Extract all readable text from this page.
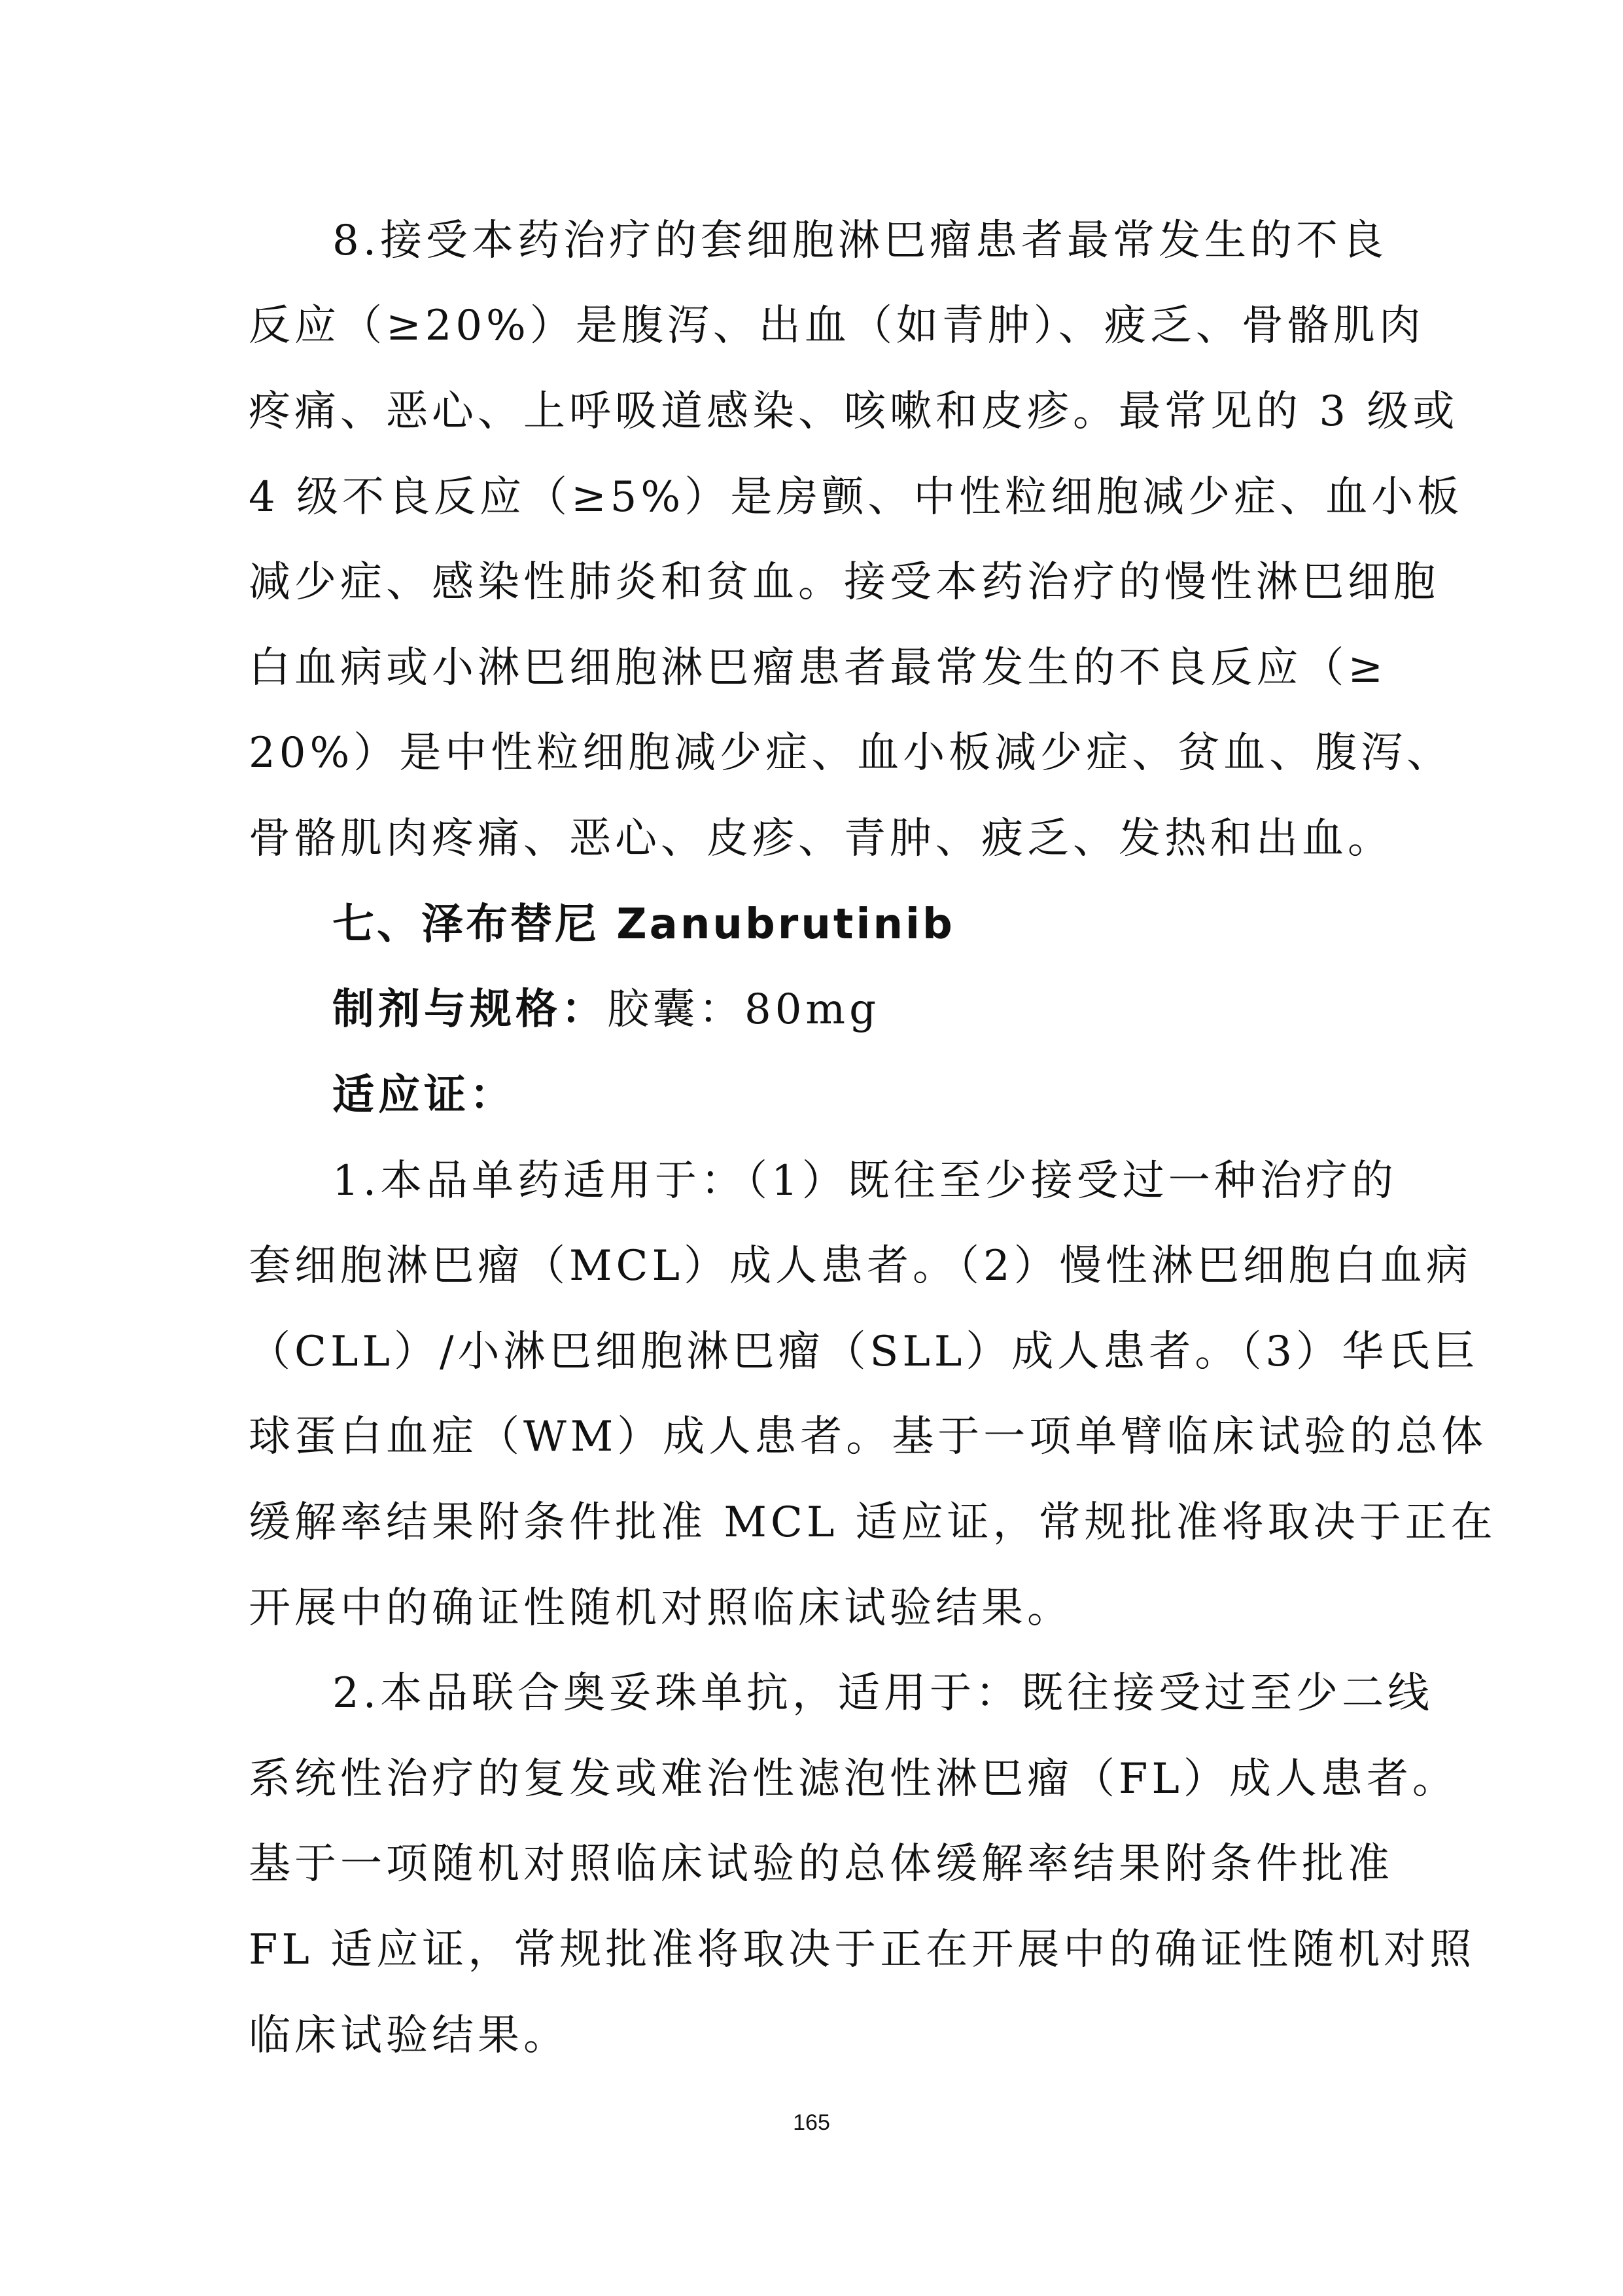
8.接受本药治疗的套细胞淋巴瘤患者最常发生的不良
反应（≥20%）是腹泻、出血（如青肿）、疲乏、骨骼肌肉
疼痛、恶心、上呼吸道感染、咳嗽和皮疹。最常见的 3 级或
4 级不良反应（≥5%）是房颤、中性粒细胞减少症、血小板
减少症、感染性肺炎和贫血。接受本药治疗的慢性淋巴细胞
白血病或小淋巴细胞淋巴瘤患者最常发生的不良反应（≥
20%）是中性粒细胞减少症、血小板减少症、贫血、腹泻、
骨骼肌肉疼痛、恶心、皮疹、青肿、疲乏、发热和出血。
七、泽布替尼 Zanubrutinib
制剂与规格：胶囊：80mg
适应证：
1.本品单药适用于：（1）既往至少接受过一种治疗的
套细胞淋巴瘤（MCL）成人患者。（2）慢性淋巴细胞白血病
（CLL）/小淋巴细胞淋巴瘤（SLL）成人患者。（3）华氏巨
球蛋白血症（WM）成人患者。基于一项单臂临床试验的总体
缓解率结果附条件批准 MCL 适应证，常规批准将取决于正在
开展中的确证性随机对照临床试验结果。
2.本品联合奥妥珠单抗，适用于：既往接受过至少二线
系统性治疗的复发或难治性滤泡性淋巴瘤（FL）成人患者。
基于一项随机对照临床试验的总体缓解率结果附条件批准
FL 适应证，常规批准将取决于正在开展中的确证性随机对照
临床试验结果。
165
